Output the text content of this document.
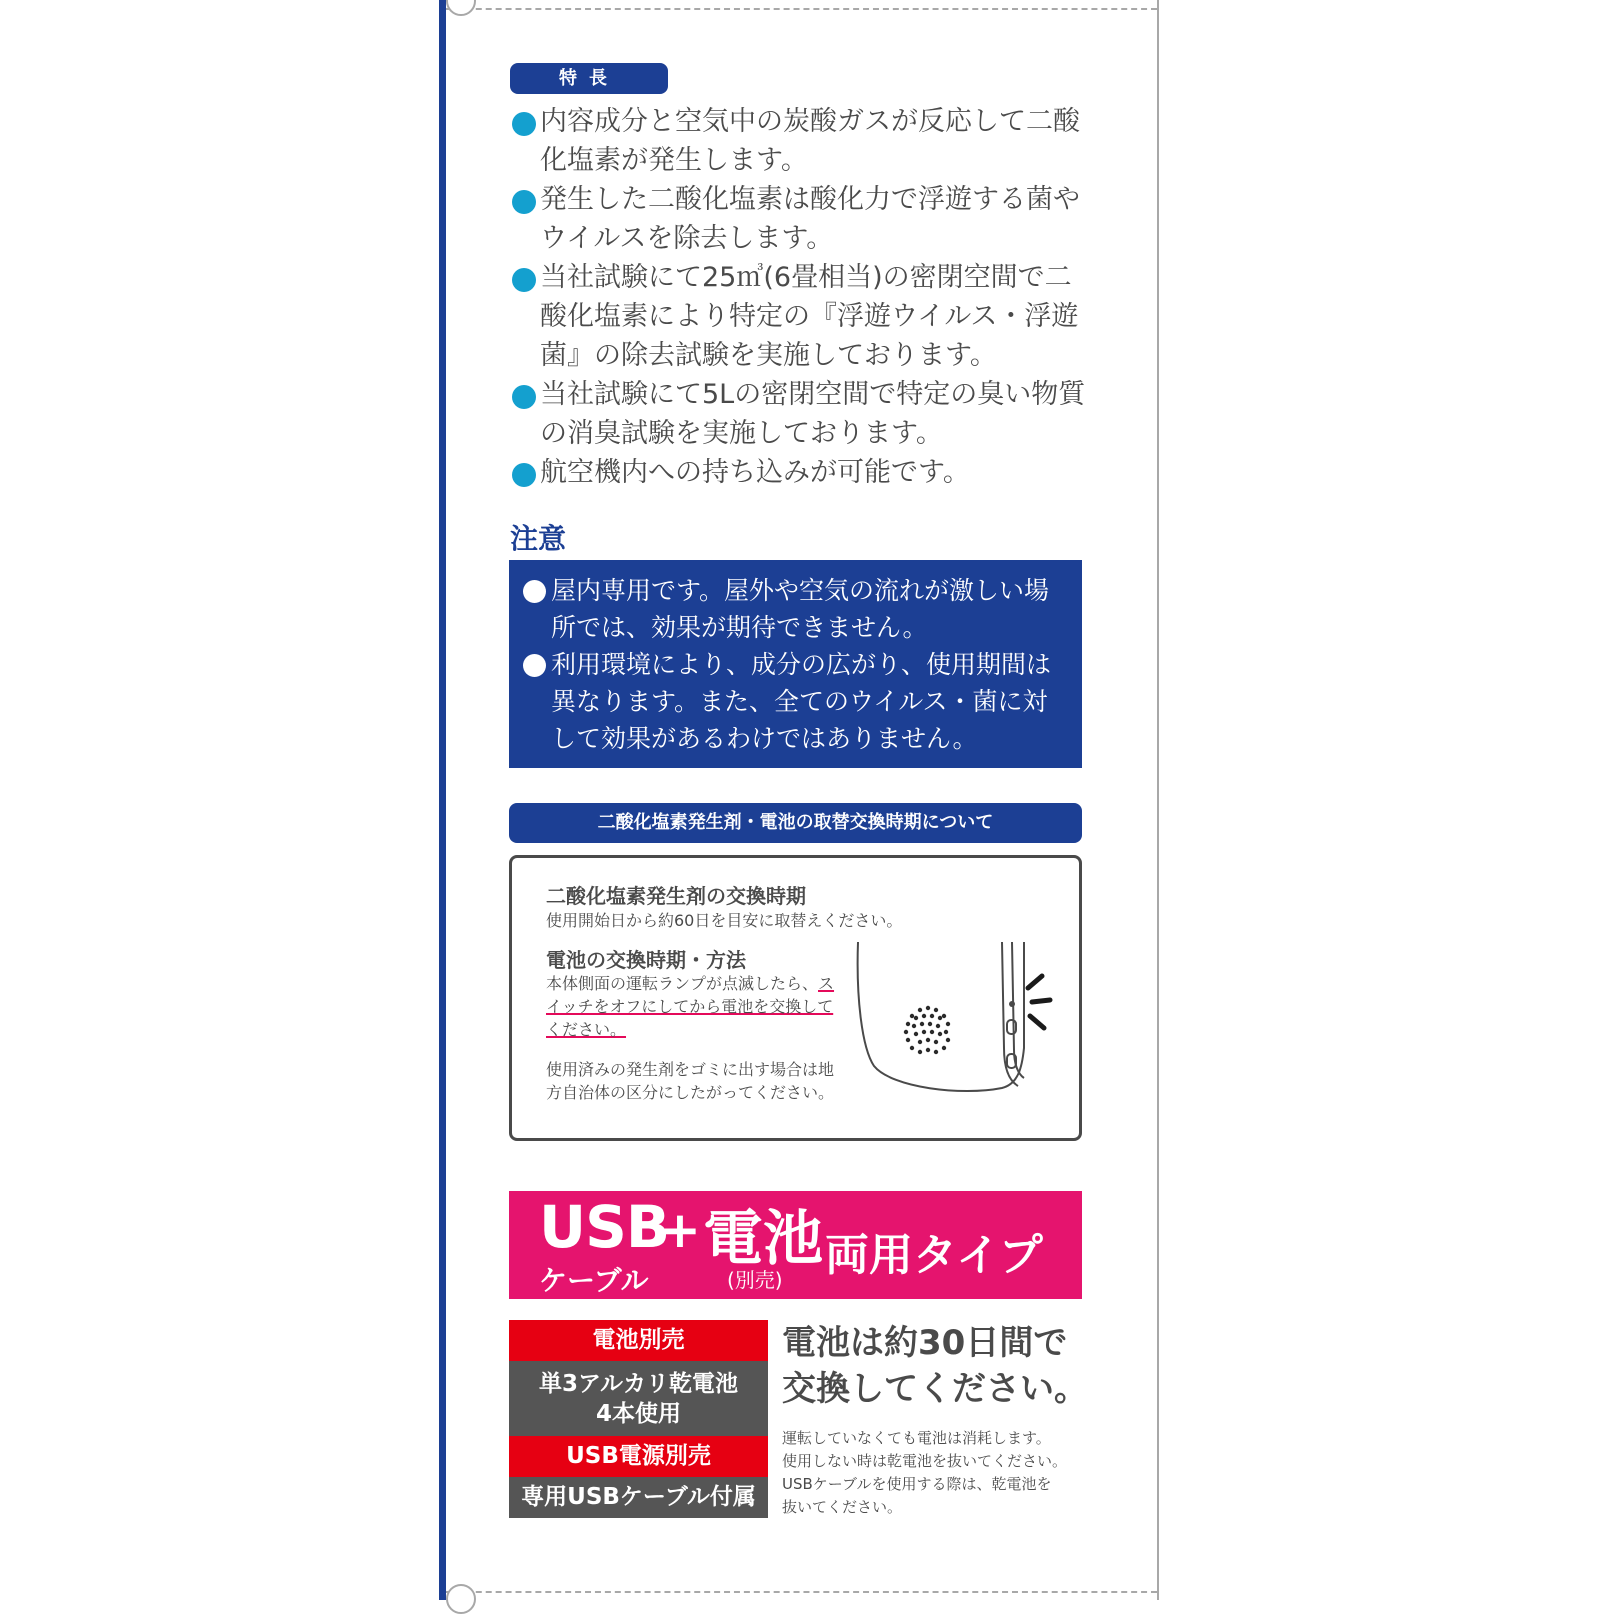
特長
内容成分と空気中の炭酸ガスが反応して二酸化塩素が発生します。
発生した二酸化塩素は酸化力で浮遊する菌やウイルスを除去します。
当社試験にて25㎥(6畳相当)の密閉空間で二酸化塩素により特定の『浮遊ウイルス・浮遊菌』の除去試験を実施しております。
当社試験にて5Lの密閉空間で特定の臭い物質の消臭試験を実施しております。
航空機内への持ち込みが可能です。
注意
屋内専用です。屋外や空気の流れが激しい場所では、効果が期待できません。
利用環境により、成分の広がり、使用期間は異なります。また、全てのウイルス・菌に対して効果があるわけではありません。
二酸化塩素発生剤・電池の取替交換時期について
二酸化塩素発生剤の交換時期
使用開始日から約60日を目安に取替えください。
電池の交換時期・方法
本体側面の運転ランプが点滅したら、スイッチをオフにしてから電池を交換してください。
使用済みの発生剤をゴミに出す場合は地方自治体の区分にしたがってください。
USB
ケーブル
+ 電池
(別売) 両用タイプ
電池別売
単3アルカリ乾電池
4本使用
USB電源別売
専用USBケーブル付属
電池は約30日間で
交換してください。
運転していなくても電池は消耗します。
使用しない時は乾電池を抜いてください。
USBケーブルを使用する際は、乾電池を
抜いてください。
